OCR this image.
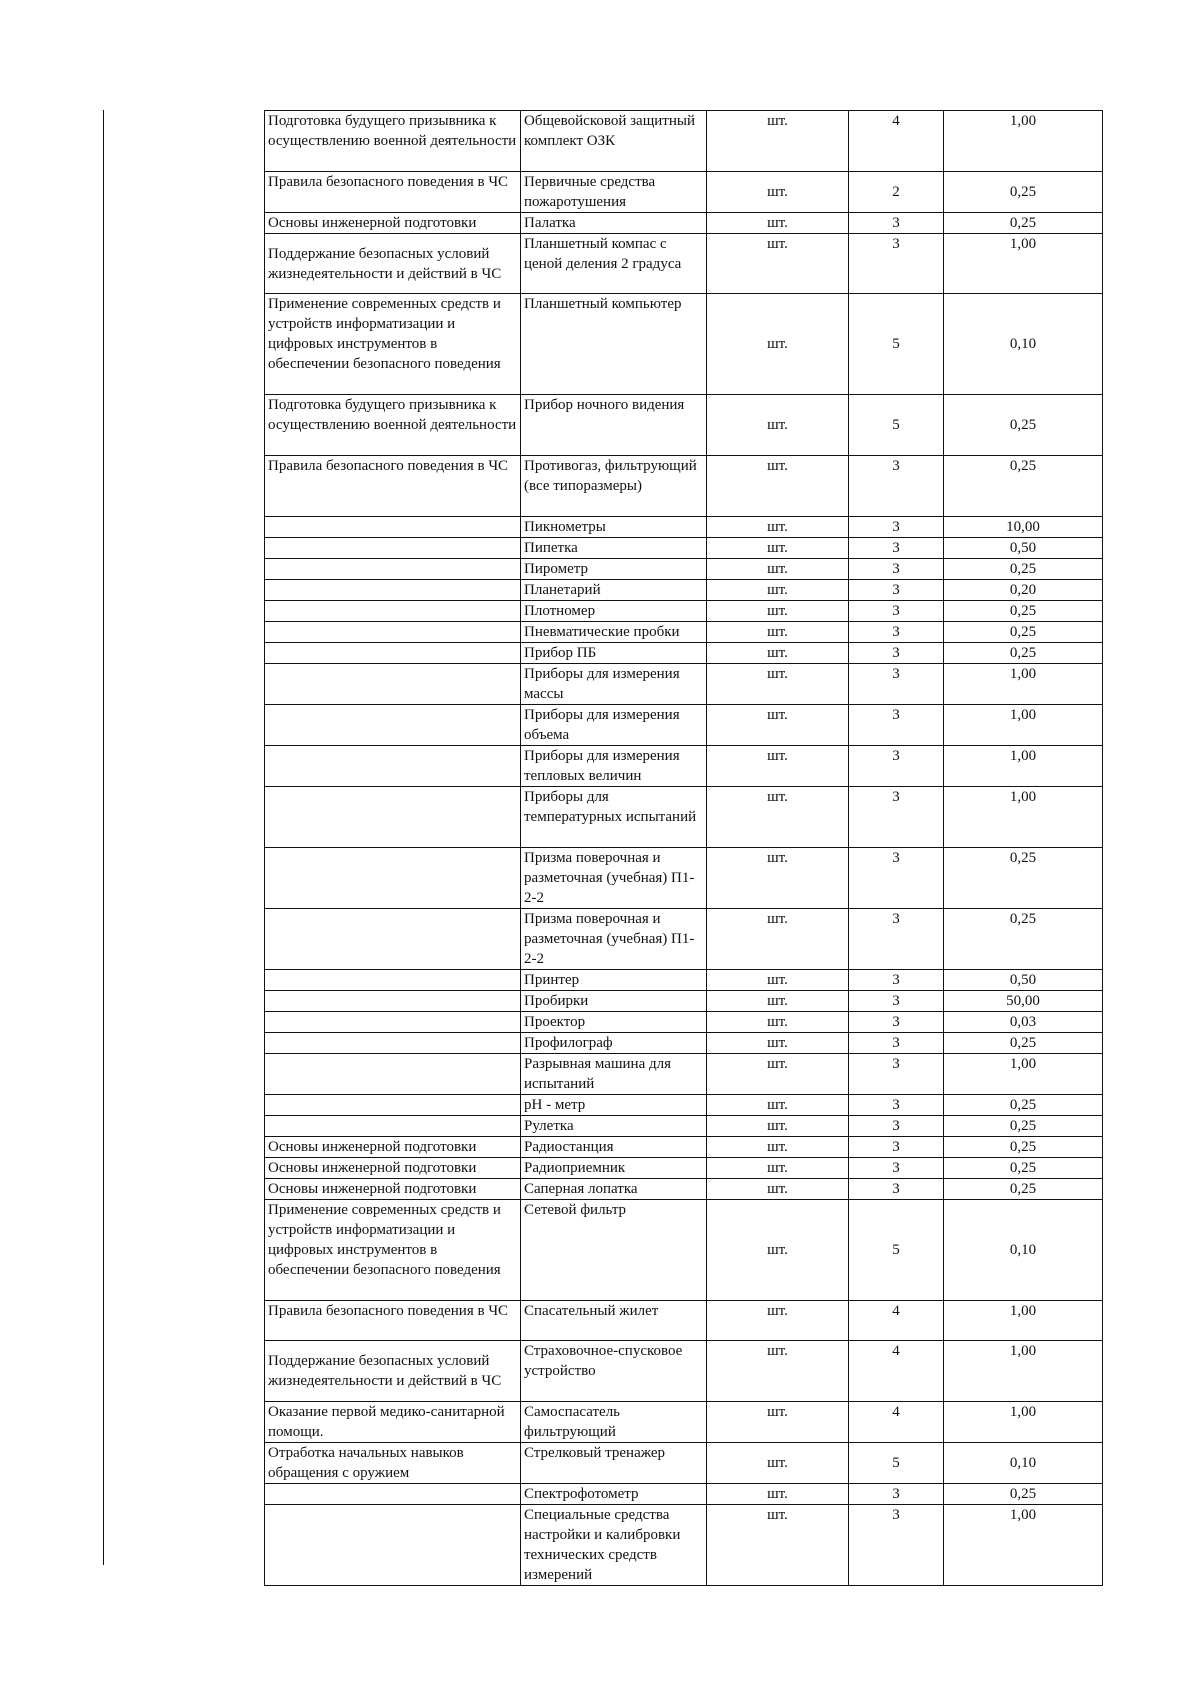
Подготовка будущего призывника к осуществлению военной деятельности	Общевойсковой защитный комплект ОЗК	шт.	4	1,00
Правила безопасного поведения в ЧС	Первичные средства пожаротушения	шт.	2	0,25
Основы инженерной подготовки	Палатка	шт.	3	0,25
Поддержание безопасных условий жизнедеятельности и действий в ЧС	Планшетный компас с ценой деления 2 градуса	шт.	3	1,00
Применение современных средств и устройств информатизации и цифровых инструментов в обеспечении безопасного поведения	Планшетный компьютер	шт.	5	0,10
Подготовка будущего призывника к осуществлению военной деятельности	Прибор ночного видения	шт.	5	0,25
Правила безопасного поведения в ЧС	Противогаз, фильтрующий (все типоразмеры)	шт.	3	0,25
	Пикнометры	шт.	3	10,00
	Пипетка	шт.	3	0,50
	Пирометр	шт.	3	0,25
	Планетарий	шт.	3	0,20
	Плотномер	шт.	3	0,25
	Пневматические пробки	шт.	3	0,25
	Прибор ПБ	шт.	3	0,25
	Приборы для измерения массы	шт.	3	1,00
	Приборы для измерения объема	шт.	3	1,00
	Приборы для измерения тепловых величин	шт.	3	1,00
	Приборы для температурных испытаний	шт.	3	1,00
	Призма поверочная и разметочная (учебная) П1-2-2	шт.	3	0,25
	Призма поверочная и разметочная (учебная) П1-2-2	шт.	3	0,25
	Принтер	шт.	3	0,50
	Пробирки	шт.	3	50,00
	Проектор	шт.	3	0,03
	Профилограф	шт.	3	0,25
	Разрывная машина для испытаний	шт.	3	1,00
	pH - метр	шт.	3	0,25
	Рулетка	шт.	3	0,25
Основы инженерной подготовки	Радиостанция	шт.	3	0,25
Основы инженерной подготовки	Радиоприемник	шт.	3	0,25
Основы инженерной подготовки	Саперная лопатка	шт.	3	0,25
Применение современных средств и устройств информатизации и цифровых инструментов в обеспечении безопасного поведения	Сетевой фильтр	шт.	5	0,10
Правила безопасного поведения в ЧС	Спасательный жилет	шт.	4	1,00
Поддержание безопасных условий жизнедеятельности и действий в ЧС	Страховочное-спусковое устройство	шт.	4	1,00
Оказание первой медико-санитарной помощи.	Самоспасатель фильтрующий	шт.	4	1,00
Отработка начальных навыков обращения с оружием	Стрелковый тренажер	шт.	5	0,10
	Спектрофотометр	шт.	3	0,25
	Специальные средства настройки и калибровки технических средств измерений	шт.	3	1,00
